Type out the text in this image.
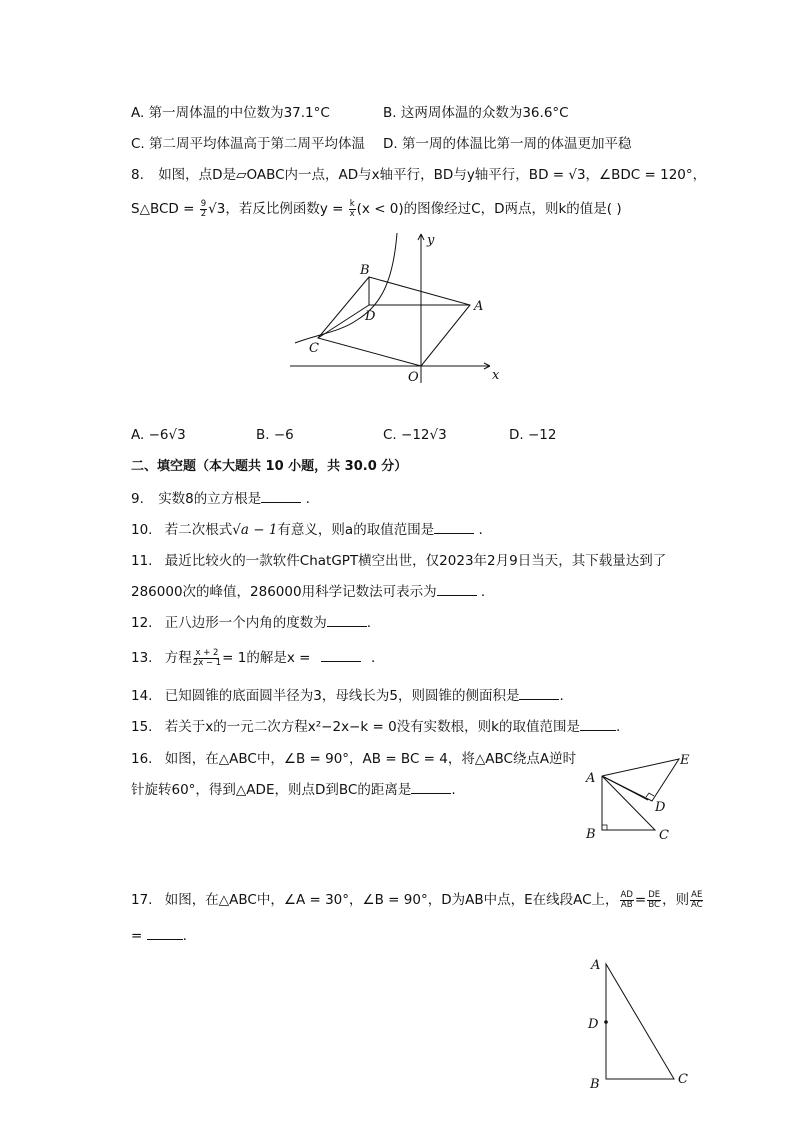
A. 第一周体温的中位数为37.1°C	B. 这两周体温的众数为36.6°C
C. 第二周平均体温高于第二周平均体温 D. 第一周的体温比第一周的体温更加平稳
8. 如图，点D是▱OABC内一点，AD与x轴平行，BD与y轴平行，BD = √3，∠BDC = 120°，
S△BCD = $\frac{9}{2} √3$，若反比例函数$y = \frac{k}{x} (x < 0)$的图像经过C，D两点，则k的值是( )
B
D
A
C
O	x
y
A. −6√3	B. −6	C. −12√3	D. −12
二、填空题（本大题共 10 小题，共 30.0 分）
9. 实数8的立方根是	.
10. 若二次根式√a − 1有意义，则a的取值范围是	.
11. 最近比较火的一款软件ChatGPT横空出世，仅2023年2月9日当天，其下载量达到了
286000次的峰值，286000用科学记数法可表示为	.
12. 正八边形一个内角的度数为	.
13. 方程 $\frac{x + 2}{2x - 1} = 1$的解是x =	.
14. 已知圆锥的底面圆半径为3，母线长为5，则圆锥的侧面积是	.
15. 若关于x的一元二次方程x²−2x−k = 0没有实数根，则k的取值范围是	.
16. 如图，在△ABC中，∠B = 90°，AB = BC = 4，将△ABC绕点A逆时
针旋转60°，得到△ADE，则点D到BC的距离是	.
A
E
D
B	C
17. 如图，在△ABC中，∠A = 30°，∠B = 90°，D为AB中点，E在线段AC上， $\frac{AD}{AB} = \frac{DE}{BC}$ ，则 $\frac{AE}{AC}$
=	.
A
D
B	C
